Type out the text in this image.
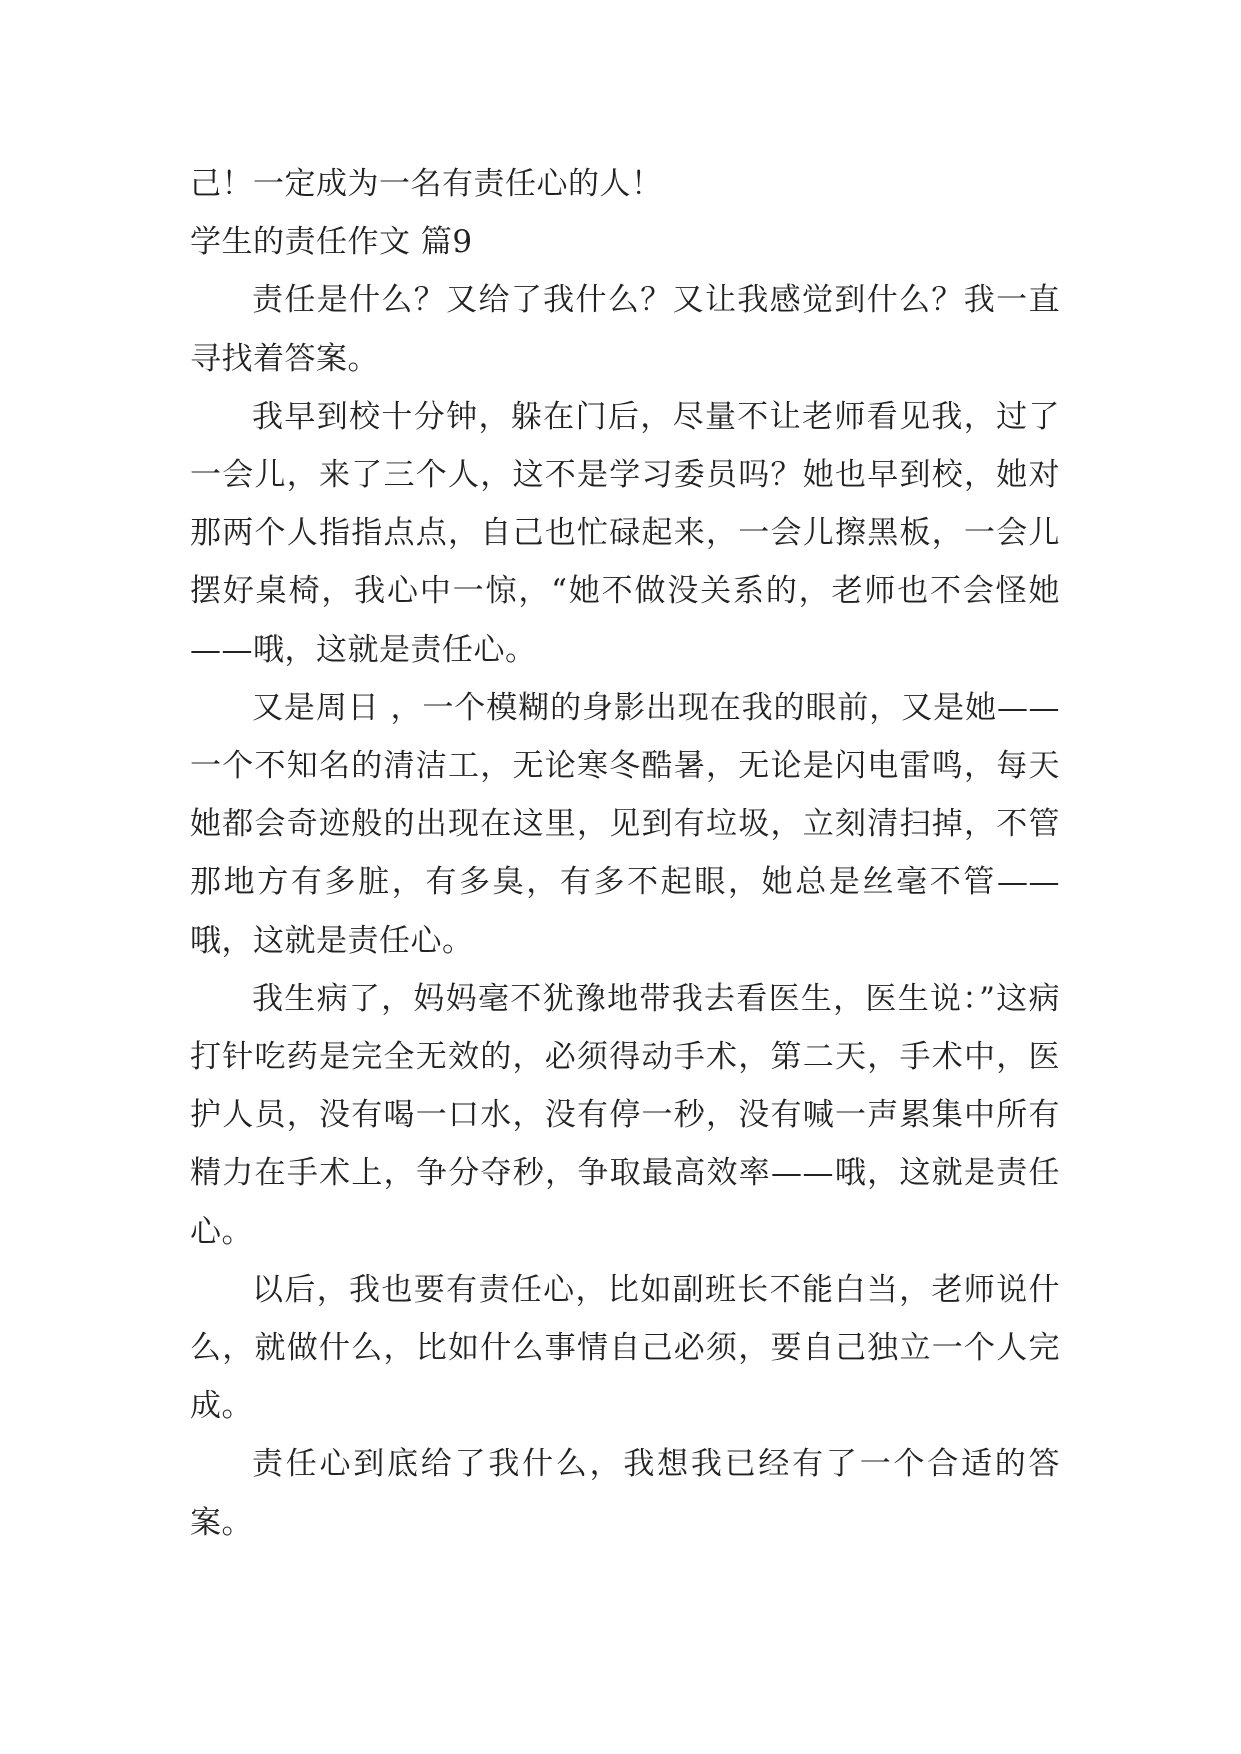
己！一定成为一名有责任心的人！

学生的责任作文 篇9

责任是什么？又给了我什么？又让我感觉到什么？我一直寻找着答案。

我早到校十分钟，躲在门后，尽量不让老师看见我，过了一会儿，来了三个人，这不是学习委员吗？她也早到校，她对那两个人指指点点，自己也忙碌起来，一会儿擦黑板，一会儿摆好桌椅，我心中一惊，“她不做没关系的，老师也不会怪她——哦，这就是责任心。

又是周日 ，一个模糊的身影出现在我的眼前，又是她——一个不知名的清洁工，无论寒冬酷暑，无论是闪电雷鸣，每天她都会奇迹般的出现在这里，见到有垃圾，立刻清扫掉，不管那地方有多脏，有多臭，有多不起眼，她总是丝毫不管——哦，这就是责任心。

我生病了，妈妈毫不犹豫地带我去看医生，医生说：”这病打针吃药是完全无效的，必须得动手术，第二天，手术中，医护人员，没有喝一口水，没有停一秒，没有喊一声累集中所有精力在手术上，争分夺秒，争取最高效率——哦，这就是责任心。

以后，我也要有责任心，比如副班长不能白当，老师说什么，就做什么，比如什么事情自己必须，要自己独立一个人完成。

责任心到底给了我什么，我想我已经有了一个合适的答案。
